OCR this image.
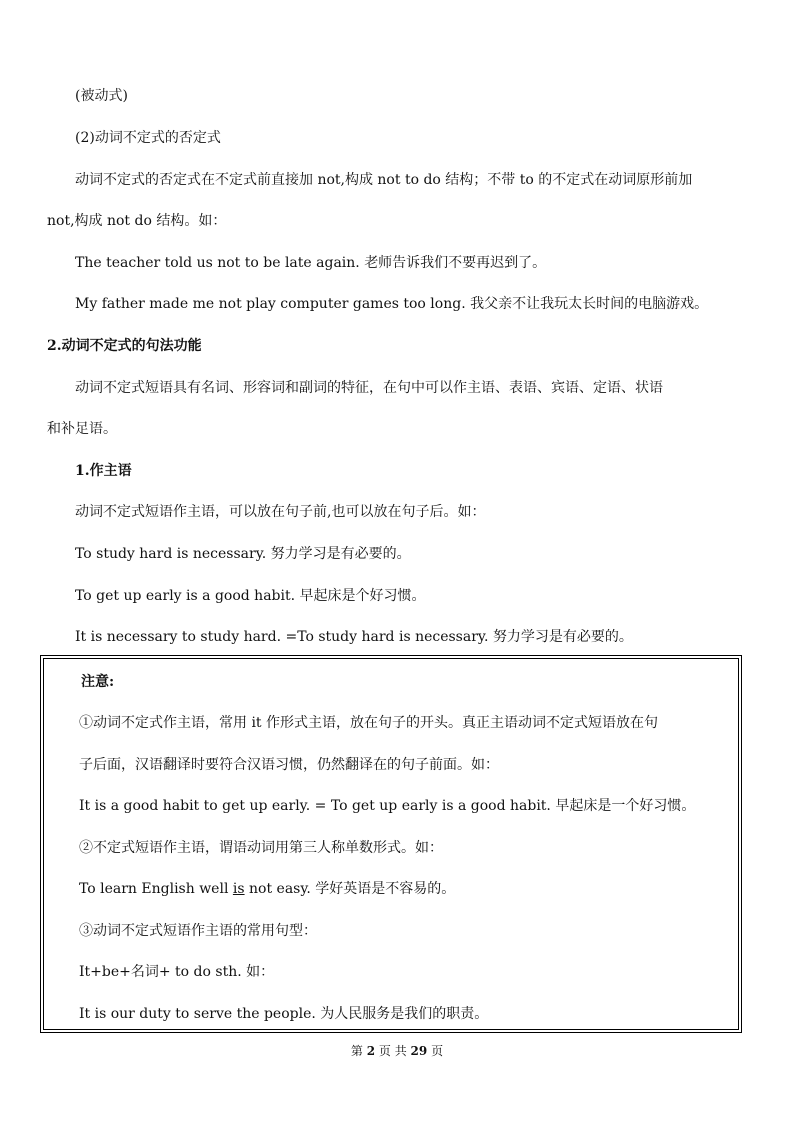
(被动式)
(2)动词不定式的否定式
动词不定式的否定式在不定式前直接加 not,构成 not to do 结构；不带 to 的不定式在动词原形前加
not,构成 not do 结构。如：
The teacher told us not to be late again. 老师告诉我们不要再迟到了。
My father made me not play computer games too long. 我父亲不让我玩太长时间的电脑游戏。
2.动词不定式的句法功能
动词不定式短语具有名词、形容词和副词的特征，在句中可以作主语、表语、宾语、定语、状语
和补足语。
1.作主语
动词不定式短语作主语，可以放在句子前,也可以放在句子后。如：
To study hard is necessary. 努力学习是有必要的。
To get up early is a good habit. 早起床是个好习惯。
It is necessary to study hard. =To study hard is necessary. 努力学习是有必要的。
注意:
①动词不定式作主语，常用 it 作形式主语，放在句子的开头。真正主语动词不定式短语放在句
子后面，汉语翻译时要符合汉语习惯，仍然翻译在的句子前面。如：
It is a good habit to get up early. = To get up early is a good habit. 早起床是一个好习惯。
②不定式短语作主语，谓语动词用第三人称单数形式。如：
To learn English well is not easy. 学好英语是不容易的。
③动词不定式短语作主语的常用句型：
It+be+名词+ to do sth. 如：
It is our duty to serve the people. 为人民服务是我们的职责。
第 2 页 共 29 页
